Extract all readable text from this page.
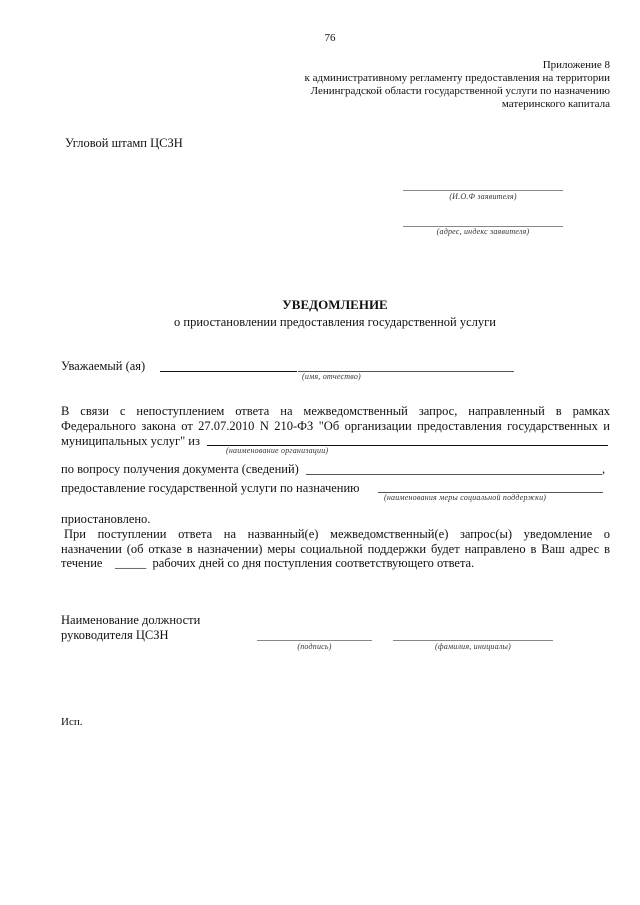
76
Приложение 8
к административному регламенту предоставления на территории
Ленинградской области государственной услуги по назначению
материнского капитала
Угловой штамп ЦСЗН
(И.О.Ф заявителя)
(адрес, индекс заявителя)
УВЕДОМЛЕНИЕ
о приостановлении предоставления государственной услуги
Уважаемый (ая)
(имя, отчество)
В связи с непоступлением ответа на межведомственный запрос, направленный в рамках
Федерального закона от 27.07.2010 N 210-ФЗ "Об организации предоставления государственных и
муниципальных услуг" из
(наименование организации)
по вопросу получения документа (сведений)	,
предоставление государственной услуги по назначению
(наименования меры социальной поддержки)
приостановлено.
При поступлении ответа на названный(е) межведомственный(е) запрос(ы) уведомление о
назначении (об отказе в назначении) меры социальной поддержки будет направлено в Ваш адрес в
течение _____ рабочих дней со дня поступления соответствующего ответа.
Наименование должности
руководителя ЦСЗН
(подпись)	(фамилия, инициалы)
Исп.
